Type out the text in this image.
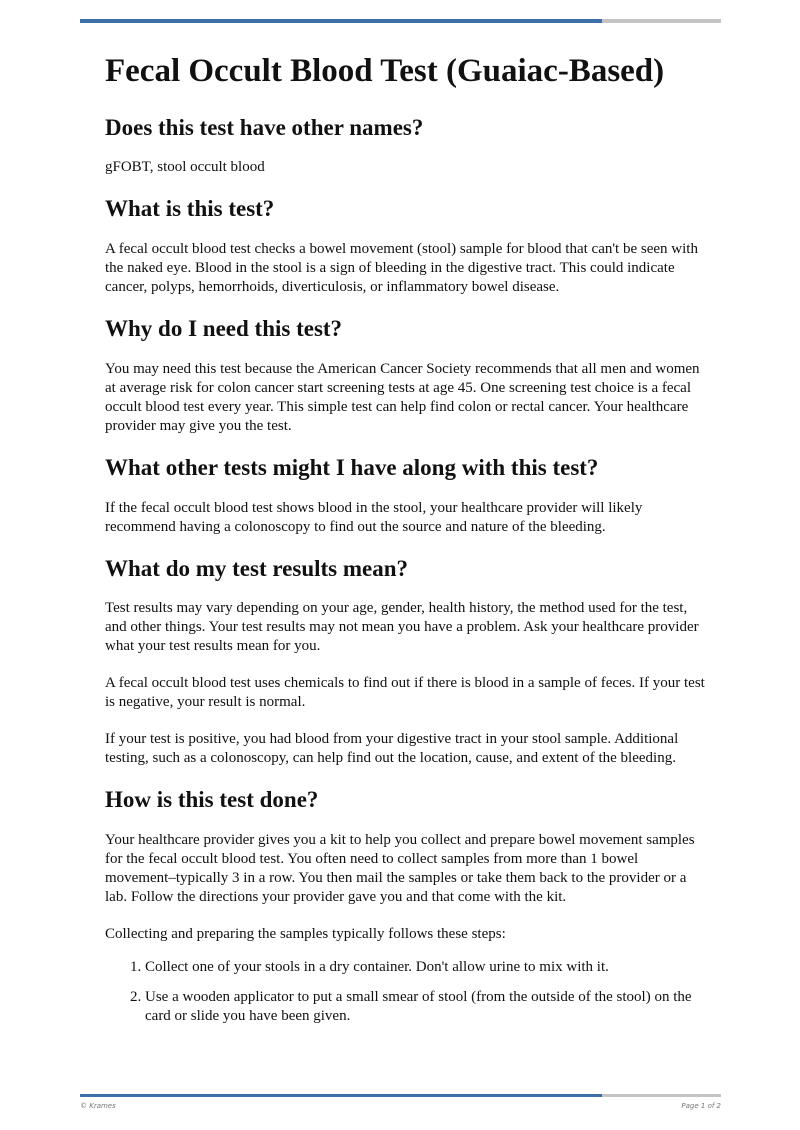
Fecal Occult Blood Test (Guaiac-Based)
Does this test have other names?

gFOBT, stool occult blood

What is this test?

A fecal occult blood test checks a bowel movement (stool) sample for blood that can't be seen with the naked eye. Blood in the stool is a sign of bleeding in the digestive tract. This could indicate cancer, polyps, hemorrhoids, diverticulosis, or inflammatory bowel disease.

Why do I need this test?

You may need this test because the American Cancer Society recommends that all men and women at average risk for colon cancer start screening tests at age 45. One screening test choice is a fecal occult blood test every year. This simple test can help find colon or rectal cancer. Your healthcare provider may give you the test.

What other tests might I have along with this test?

If the fecal occult blood test shows blood in the stool, your healthcare provider will likely recommend having a colonoscopy to find out the source and nature of the bleeding.

What do my test results mean?

Test results may vary depending on your age, gender, health history, the method used for the test, and other things. Your test results may not mean you have a problem. Ask your healthcare provider what your test results mean for you.

A fecal occult blood test uses chemicals to find out if there is blood in a sample of feces. If your test is negative, your result is normal.

If your test is positive, you had blood from your digestive tract in your stool sample. Additional testing, such as a colonoscopy, can help find out the location, cause, and extent of the bleeding.

How is this test done?

Your healthcare provider gives you a kit to help you collect and prepare bowel movement samples for the fecal occult blood test. You often need to collect samples from more than 1 bowel movement–typically 3 in a row. You then mail the samples or take them back to the provider or a lab. Follow the directions your provider gave you and that come with the kit.

Collecting and preparing the samples typically follows these steps:

1. Collect one of your stools in a dry container. Don't allow urine to mix with it.
2. Use a wooden applicator to put a small smear of stool (from the outside of the stool) on the card or slide you have been given.
© Krames	Page 1 of 2
